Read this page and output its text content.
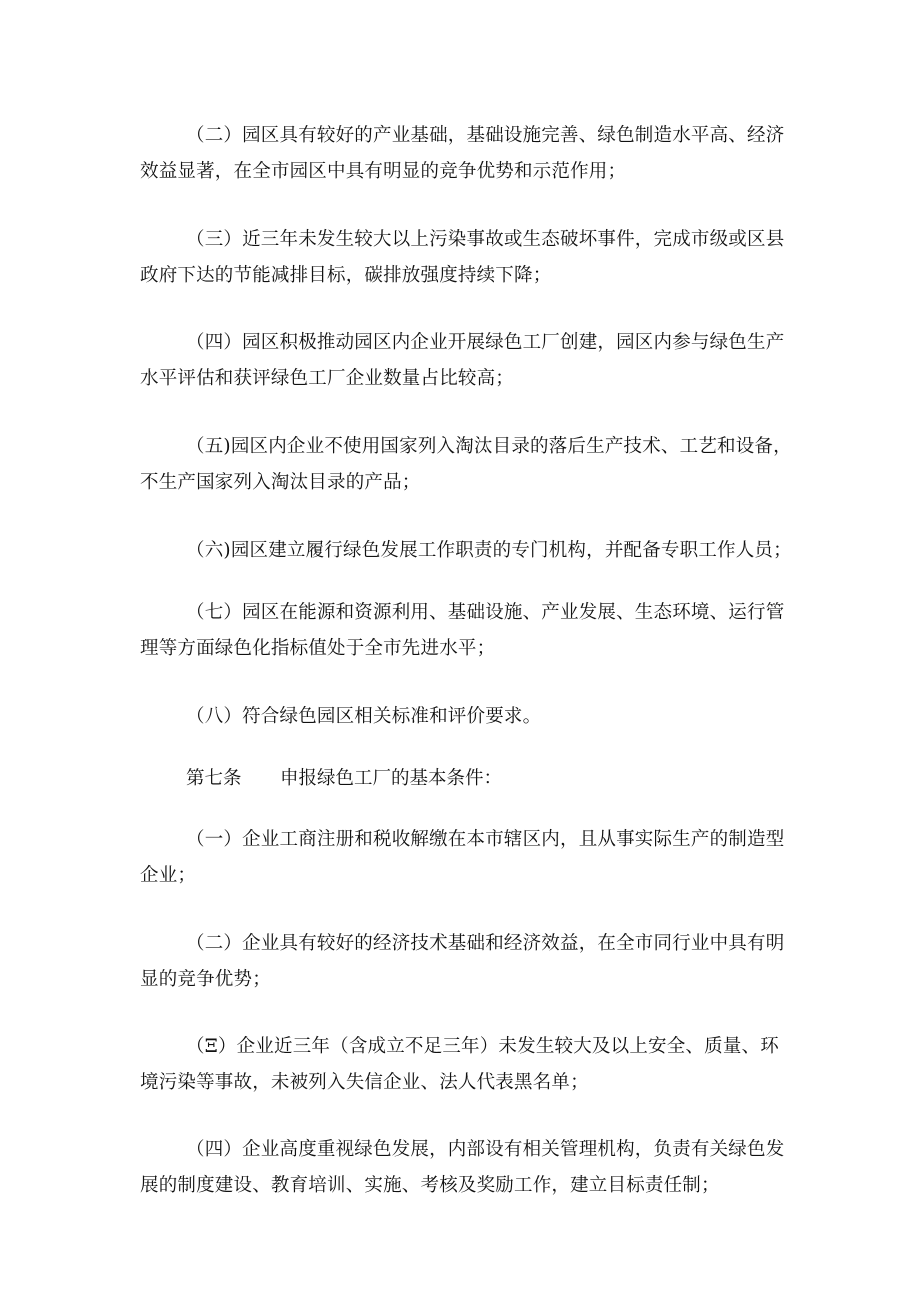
（二）园区具有较好的产业基础，基础设施完善、绿色制造水平高、经济
效益显著，在全市园区中具有明显的竞争优势和示范作用；
（三）近三年未发生较大以上污染事故或生态破坏事件，完成市级或区县
政府下达的节能减排目标，碳排放强度持续下降；
（四）园区积极推动园区内企业开展绿色工厂创建，园区内参与绿色生产
水平评估和获评绿色工厂企业数量占比较高；
（五)园区内企业不使用国家列入淘汰目录的落后生产技术、工艺和设备，
不生产国家列入淘汰目录的产品；
（六)园区建立履行绿色发展工作职责的专门机构，并配备专职工作人员；
（七）园区在能源和资源利用、基础设施、产业发展、生态环境、运行管
理等方面绿色化指标值处于全市先进水平；
（八）符合绿色园区相关标准和评价要求。
第七条 申报绿色工厂的基本条件：
（一）企业工商注册和税收解缴在本市辖区内，且从事实际生产的制造型
企业；
（二）企业具有较好的经济技术基础和经济效益，在全市同行业中具有明
显的竞争优势；
（Ξ）企业近三年（含成立不足三年）未发生较大及以上安全、质量、环
境污染等事故，未被列入失信企业、法人代表黑名单；
（四）企业高度重视绿色发展，内部设有相关管理机构，负责有关绿色发
展的制度建设、教育培训、实施、考核及奖励工作，建立目标责任制；
